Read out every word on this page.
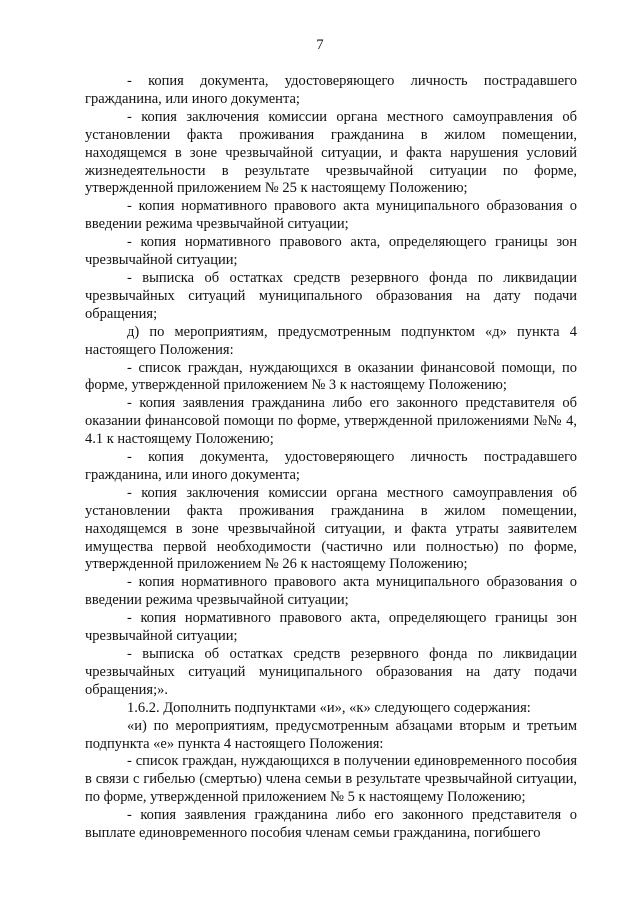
7

- копия документа, удостоверяющего личность пострадавшего гражданина, или иного документа;

- копия заключения комиссии органа местного самоуправления об установлении факта проживания гражданина в жилом помещении, находящемся в зоне чрезвычайной ситуации, и факта нарушения условий жизнедеятельности в результате чрезвычайной ситуации по форме, утвержденной приложением № 25 к настоящему Положению;

- копия нормативного правового акта муниципального образования о введении режима чрезвычайной ситуации;

- копия нормативного правового акта, определяющего границы зон чрезвычайной ситуации;

- выписка об остатках средств резервного фонда по ликвидации чрезвычайных ситуаций муниципального образования на дату подачи обращения;

д) по мероприятиям, предусмотренным подпунктом «д» пункта 4 настоящего Положения:

- список граждан, нуждающихся в оказании финансовой помощи, по форме, утвержденной приложением № 3 к настоящему Положению;

- копия заявления гражданина либо его законного представителя об оказании финансовой помощи по форме, утвержденной приложениями №№ 4, 4.1 к настоящему Положению;

- копия документа, удостоверяющего личность пострадавшего гражданина, или иного документа;

- копия заключения комиссии органа местного самоуправления об установлении факта проживания гражданина в жилом помещении, находящемся в зоне чрезвычайной ситуации, и факта утраты заявителем имущества первой необходимости (частично или полностью) по форме, утвержденной приложением № 26 к настоящему Положению;

- копия нормативного правового акта муниципального образования о введении режима чрезвычайной ситуации;

- копия нормативного правового акта, определяющего границы зон чрезвычайной ситуации;

- выписка об остатках средств резервного фонда по ликвидации чрезвычайных ситуаций муниципального образования на дату подачи обращения;».

1.6.2. Дополнить подпунктами «и», «к» следующего содержания:

«и) по мероприятиям, предусмотренным абзацами вторым и третьим подпункта «е» пункта 4 настоящего Положения:

- список граждан, нуждающихся в получении единовременного пособия в связи с гибелью (смертью) члена семьи в результате чрезвычайной ситуации, по форме, утвержденной приложением № 5 к настоящему Положению;

- копия заявления гражданина либо его законного представителя о выплате единовременного пособия членам семьи гражданина, погибшего
